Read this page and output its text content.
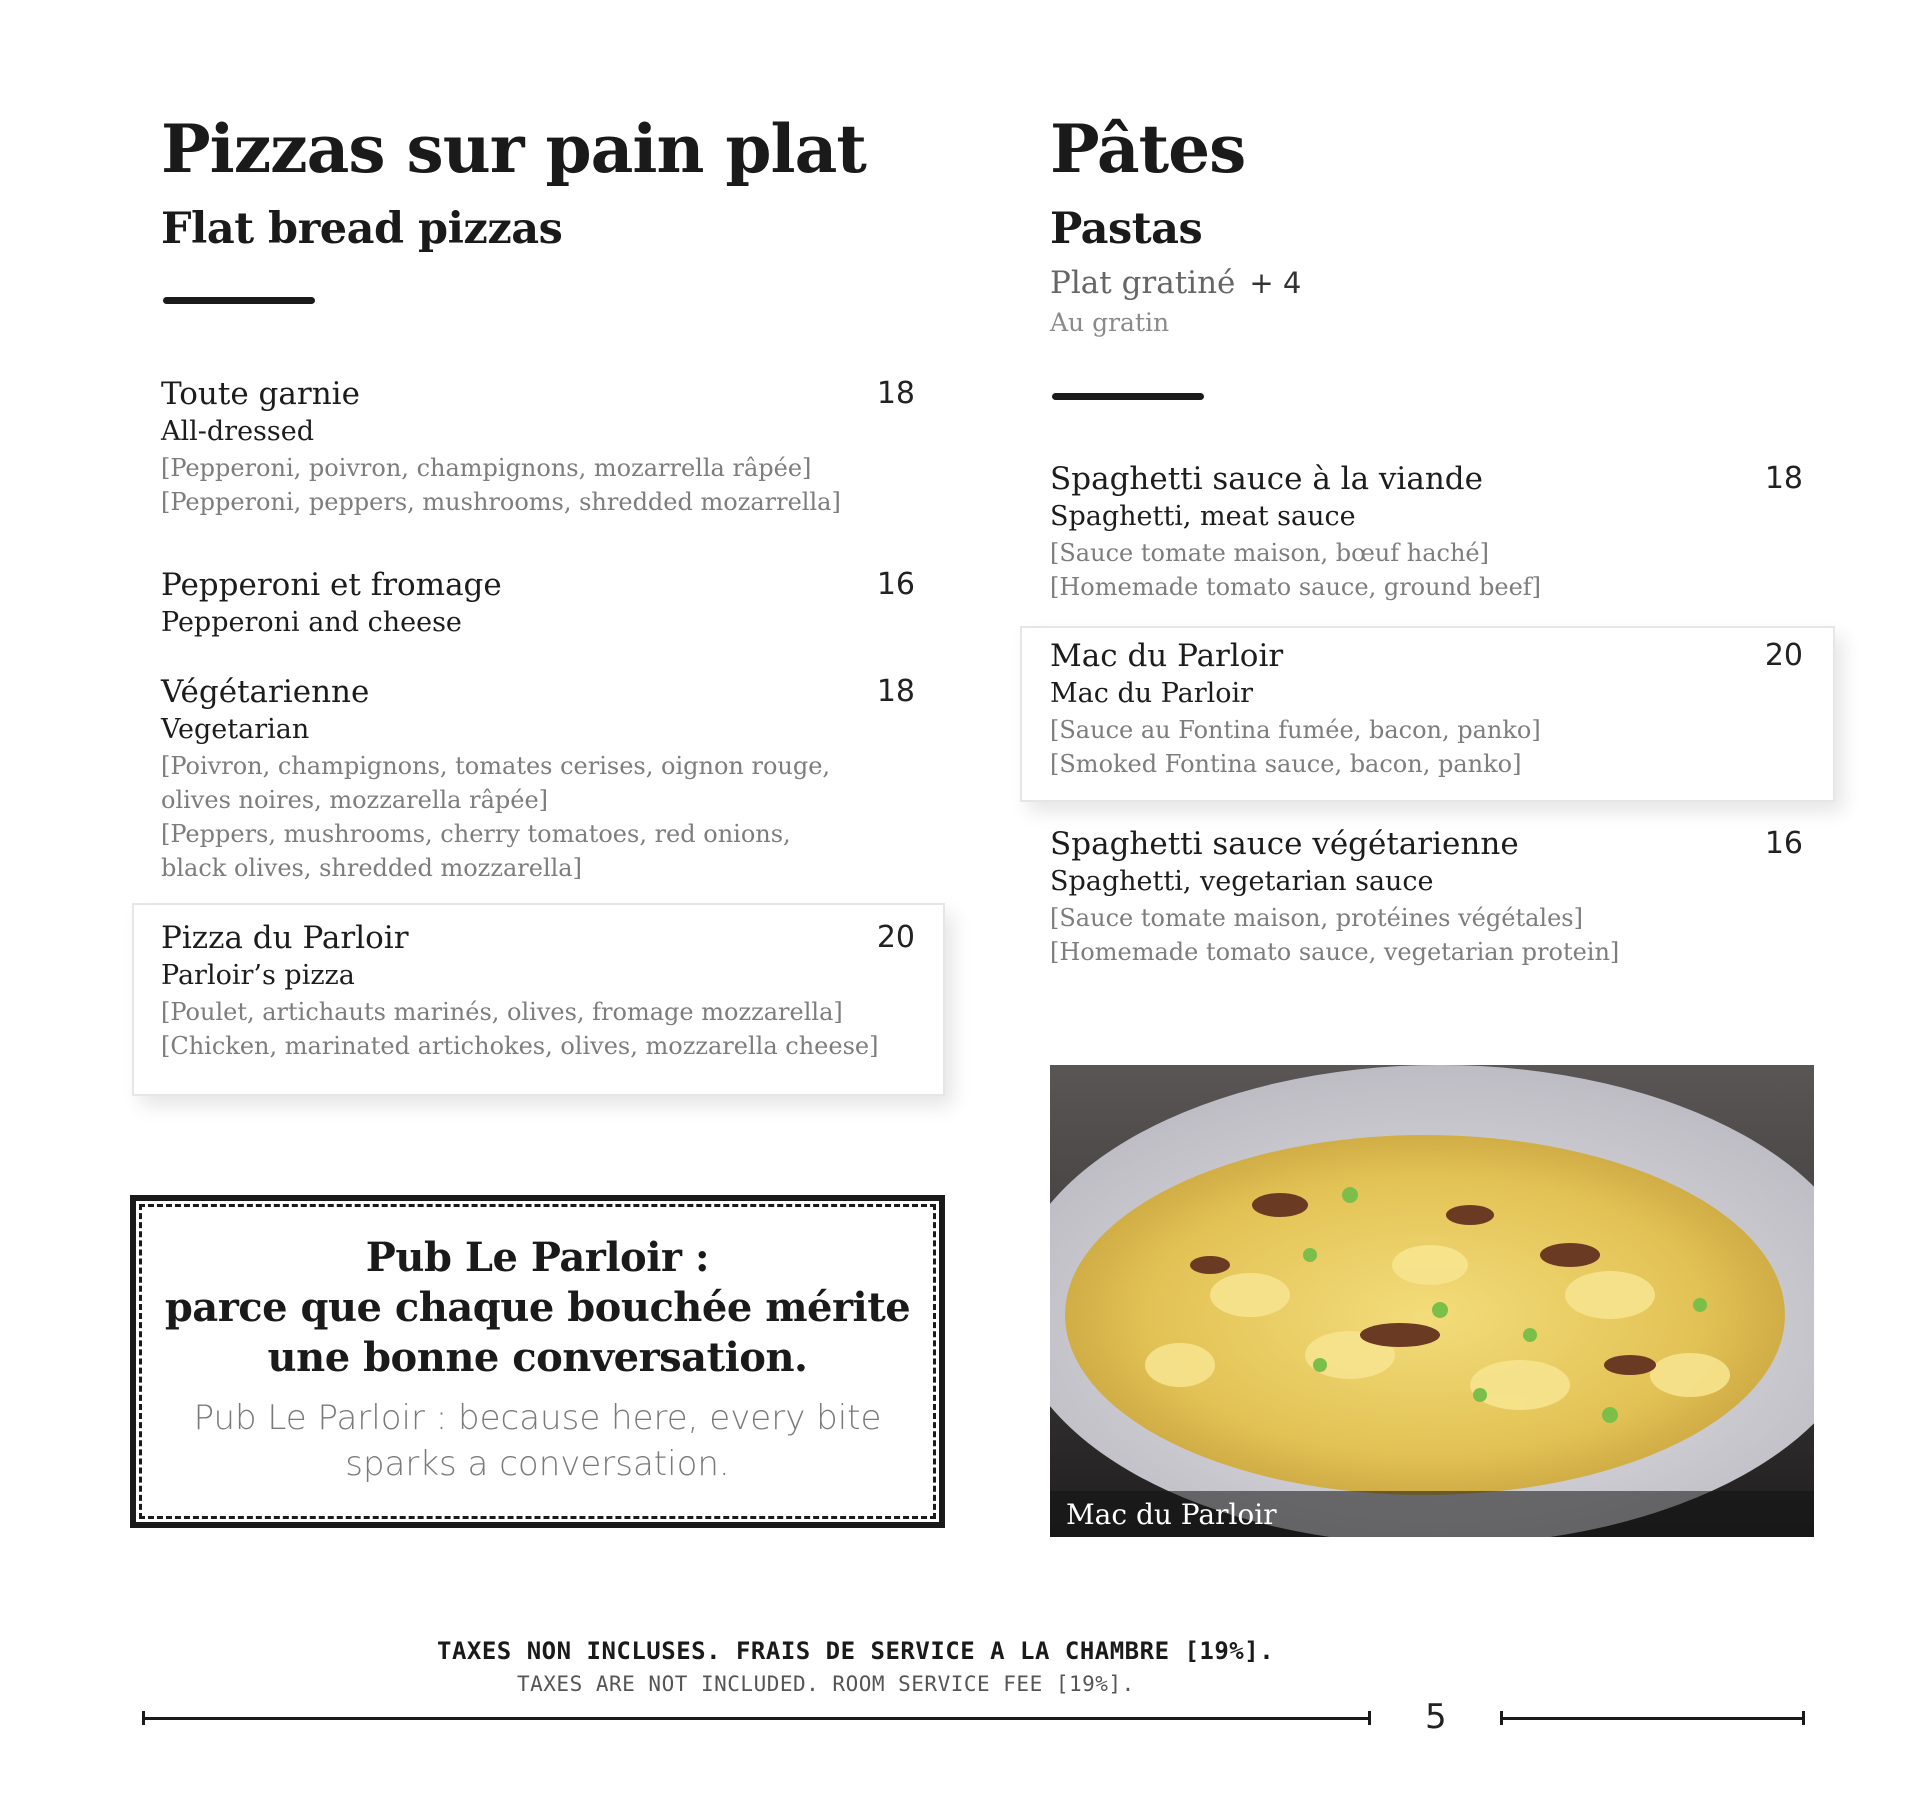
Pizzas sur pain plat
Flat bread pizzas
Toute garnie
All-dressed
[Pepperoni, poivron, champignons, mozarrella râpée]
[Pepperoni, peppers, mushrooms, shredded mozarrella]
18
Pepperoni et fromage
Pepperoni and cheese
16
Végétarienne
Vegetarian
[Poivron, champignons, tomates cerises, oignon rouge,
olives noires, mozzarella râpée]
[Peppers, mushrooms, cherry tomatoes, red onions,
black olives, shredded mozzarella]
18
Pizza du Parloir
Parloir’s pizza
[Poulet, artichauts marinés, olives, fromage mozzarella]
[Chicken, marinated artichokes, olives, mozzarella cheese]
20
Pub Le Parloir :
parce que chaque bouchée mérite
une bonne conversation.
Pub Le Parloir : because here, every bite
sparks a conversation.
Pâtes
Pastas
Plat gratiné + 4
Au gratin
Spaghetti sauce à la viande
Spaghetti, meat sauce
[Sauce tomate maison, bœuf haché]
[Homemade tomato sauce, ground beef]
18
Mac du Parloir
Mac du Parloir
[Sauce au Fontina fumée, bacon, panko]
[Smoked Fontina sauce, bacon, panko]
20
Spaghetti sauce végétarienne
Spaghetti, vegetarian sauce
[Sauce tomate maison, protéines végétales]
[Homemade tomato sauce, vegetarian protein]
16
Mac du Parloir
TAXES NON INCLUSES. FRAIS DE SERVICE A LA CHAMBRE [19%].
TAXES ARE NOT INCLUDED. ROOM SERVICE FEE [19%].
5
